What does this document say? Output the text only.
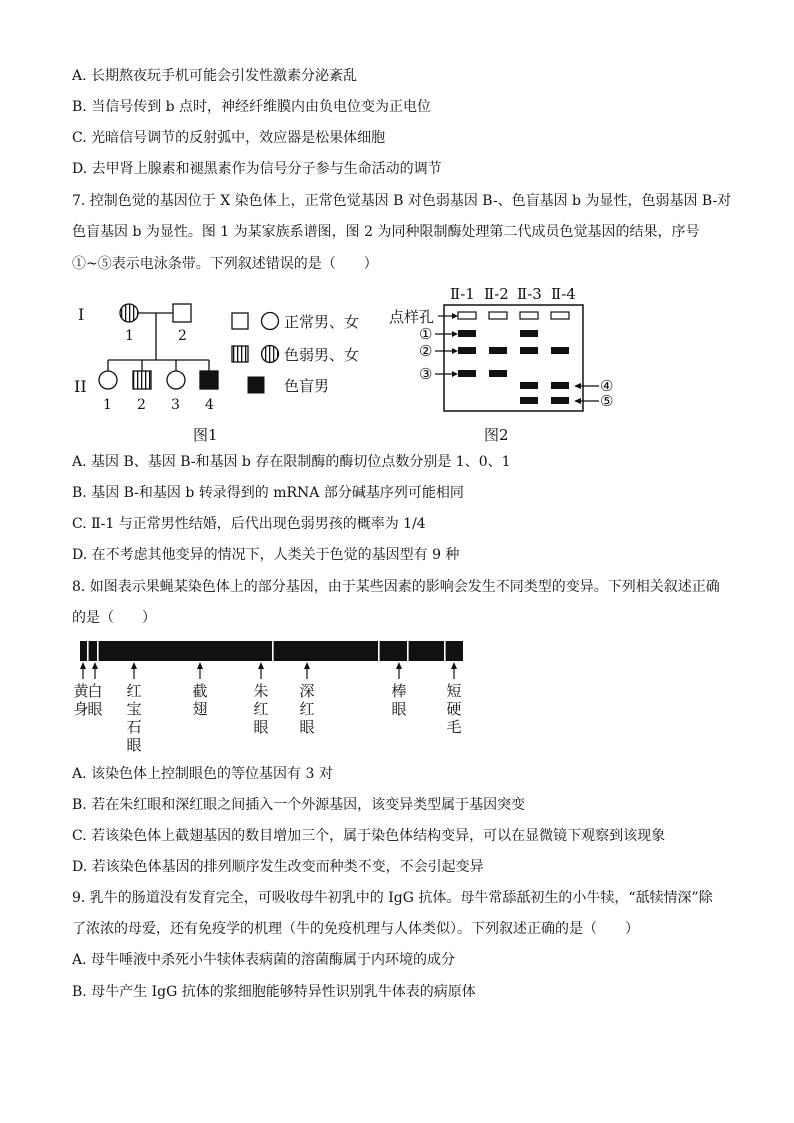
A. 长期熬夜玩手机可能会引发性激素分泌紊乱
B. 当信号传到 b 点时，神经纤维膜内由负电位变为正电位
C. 光暗信号调节的反射弧中，效应器是松果体细胞
D. 去甲肾上腺素和褪黑素作为信号分子参与生命活动的调节
7. 控制色觉的基因位于 X 染色体上，正常色觉基因 B 对色弱基因 B-、色盲基因 b 为显性，色弱基因 B-对
色盲基因 b 为显性。图 1 为某家族系谱图，图 2 为同种限制酶处理第二代成员色觉基因的结果，序号
①~⑤表示电泳条带。下列叙述错误的是（　　）
I
II
1	2
1 2 3 4
正常男、女
色弱男、女
色盲男
图1
Ⅱ-1 Ⅱ-2 Ⅱ-3 Ⅱ-4
点样孔
①
②
③
④
⑤
图2
A. 基因 B、基因 B-和基因 b 存在限制酶的酶切位点数分别是 1、0、1
B. 基因 B-和基因 b 转录得到的 mRNA 部分碱基序列可能相同
C. Ⅱ-1 与正常男性结婚，后代出现色弱男孩的概率为 1/4
D. 在不考虑其他变异的情况下，人类关于色觉的基因型有 9 种
8. 如图表示果蝇某染色体上的部分基因，由于某些因素的影响会发生不同类型的变异。下列相关叙述正确
的是（　　）
黄身
白眼
红宝石眼
截翅
朱红眼
深红眼
棒眼
短硬毛
A. 该染色体上控制眼色的等位基因有 3 对
B. 若在朱红眼和深红眼之间插入一个外源基因，该变异类型属于基因突变
C. 若该染色体上截翅基因的数目增加三个，属于染色体结构变异，可以在显微镜下观察到该现象
D. 若该染色体基因的排列顺序发生改变而种类不变，不会引起变异
9. 乳牛的肠道没有发育完全，可吸收母牛初乳中的 IgG 抗体。母牛常舔舐初生的小牛犊，“舐犊情深”除
了浓浓的母爱，还有免疫学的机理（牛的免疫机理与人体类似）。下列叙述正确的是（　　）
A. 母牛唾液中杀死小牛犊体表病菌的溶菌酶属于内环境的成分
B. 母牛产生 IgG 抗体的浆细胞能够特异性识别乳牛体表的病原体
